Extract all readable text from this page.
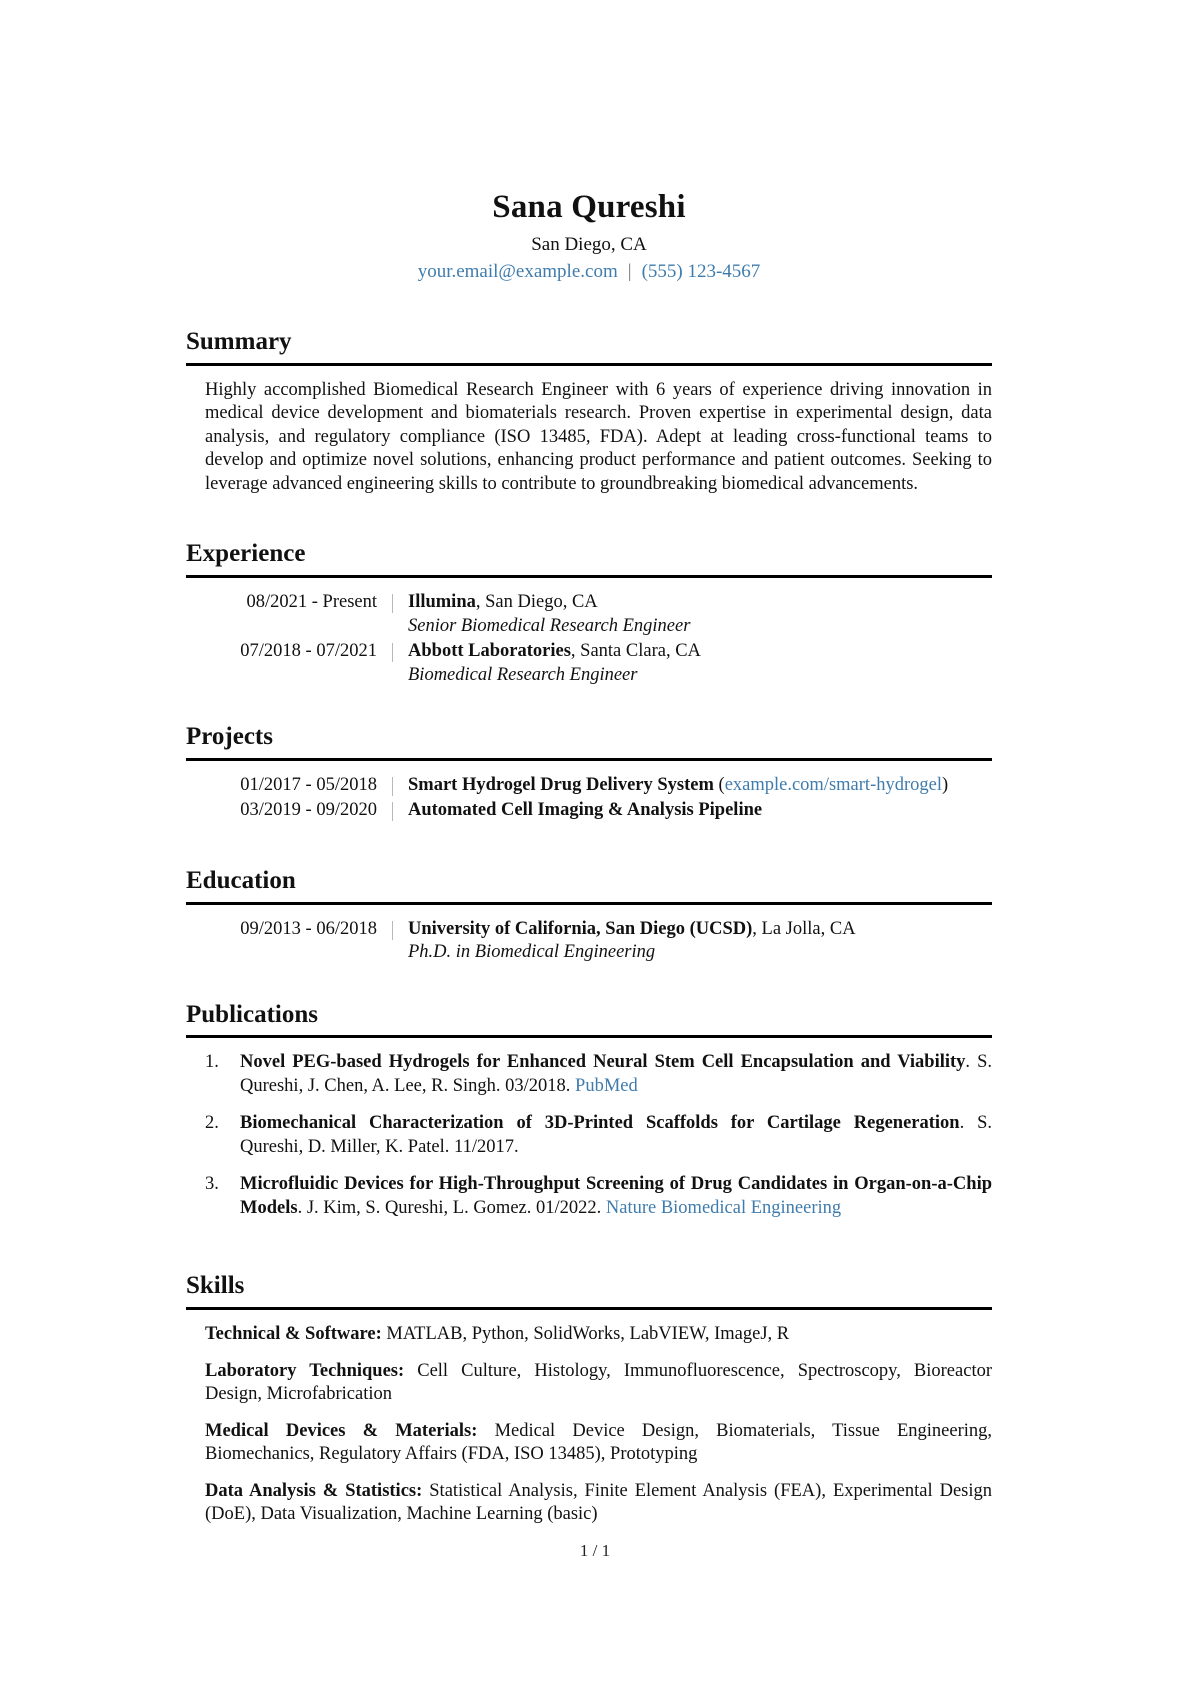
Sana Qureshi
San Diego, CA
your.email@example.com | (555) 123-4567
Summary

Highly accomplished Biomedical Research Engineer with 6 years of experience driving innovation in medical device development and biomaterials research. Proven expertise in experimental design, data analysis, and regulatory compliance (ISO 13485, FDA). Adept at leading cross-functional teams to develop and optimize novel solutions, enhancing product performance and patient outcomes. Seeking to leverage advanced engineering skills to contribute to groundbreaking biomedical advancements.

Experience
08/2021 - Present Illumina, San Diego, CA
Senior Biomedical Research Engineer
07/2018 - 07/2021 Abbott Laboratories, Santa Clara, CA
Biomedical Research Engineer
Projects
01/2017 - 05/2018 Smart Hydrogel Drug Delivery System (example.com/smart-hydrogel)
03/2019 - 09/2020 Automated Cell Imaging & Analysis Pipeline
Education
09/2013 - 06/2018 University of California, San Diego (UCSD), La Jolla, CA
Ph.D. in Biomedical Engineering
Publications
1. Novel PEG-based Hydrogels for Enhanced Neural Stem Cell Encapsulation and Viability. S. Qureshi, J. Chen, A. Lee, R. Singh. 03/2018. PubMed
2. Biomechanical Characterization of 3D-Printed Scaffolds for Cartilage Regeneration. S. Qureshi, D. Miller, K. Patel. 11/2017.
3. Microfluidic Devices for High-Throughput Screening of Drug Candidates in Organ-on-a-Chip Models. J. Kim, S. Qureshi, L. Gomez. 01/2022. Nature Biomedical Engineering
Skills

Technical & Software: MATLAB, Python, SolidWorks, LabVIEW, ImageJ, R

Laboratory Techniques: Cell Culture, Histology, Immunofluorescence, Spectroscopy, Bioreactor Design, Microfabrication

Medical Devices & Materials: Medical Device Design, Biomaterials, Tissue Engineering, Biomechanics, Regulatory Affairs (FDA, ISO 13485), Prototyping

Data Analysis & Statistics: Statistical Analysis, Finite Element Analysis (FEA), Experimental Design (DoE), Data Visualization, Machine Learning (basic)

1 / 1
